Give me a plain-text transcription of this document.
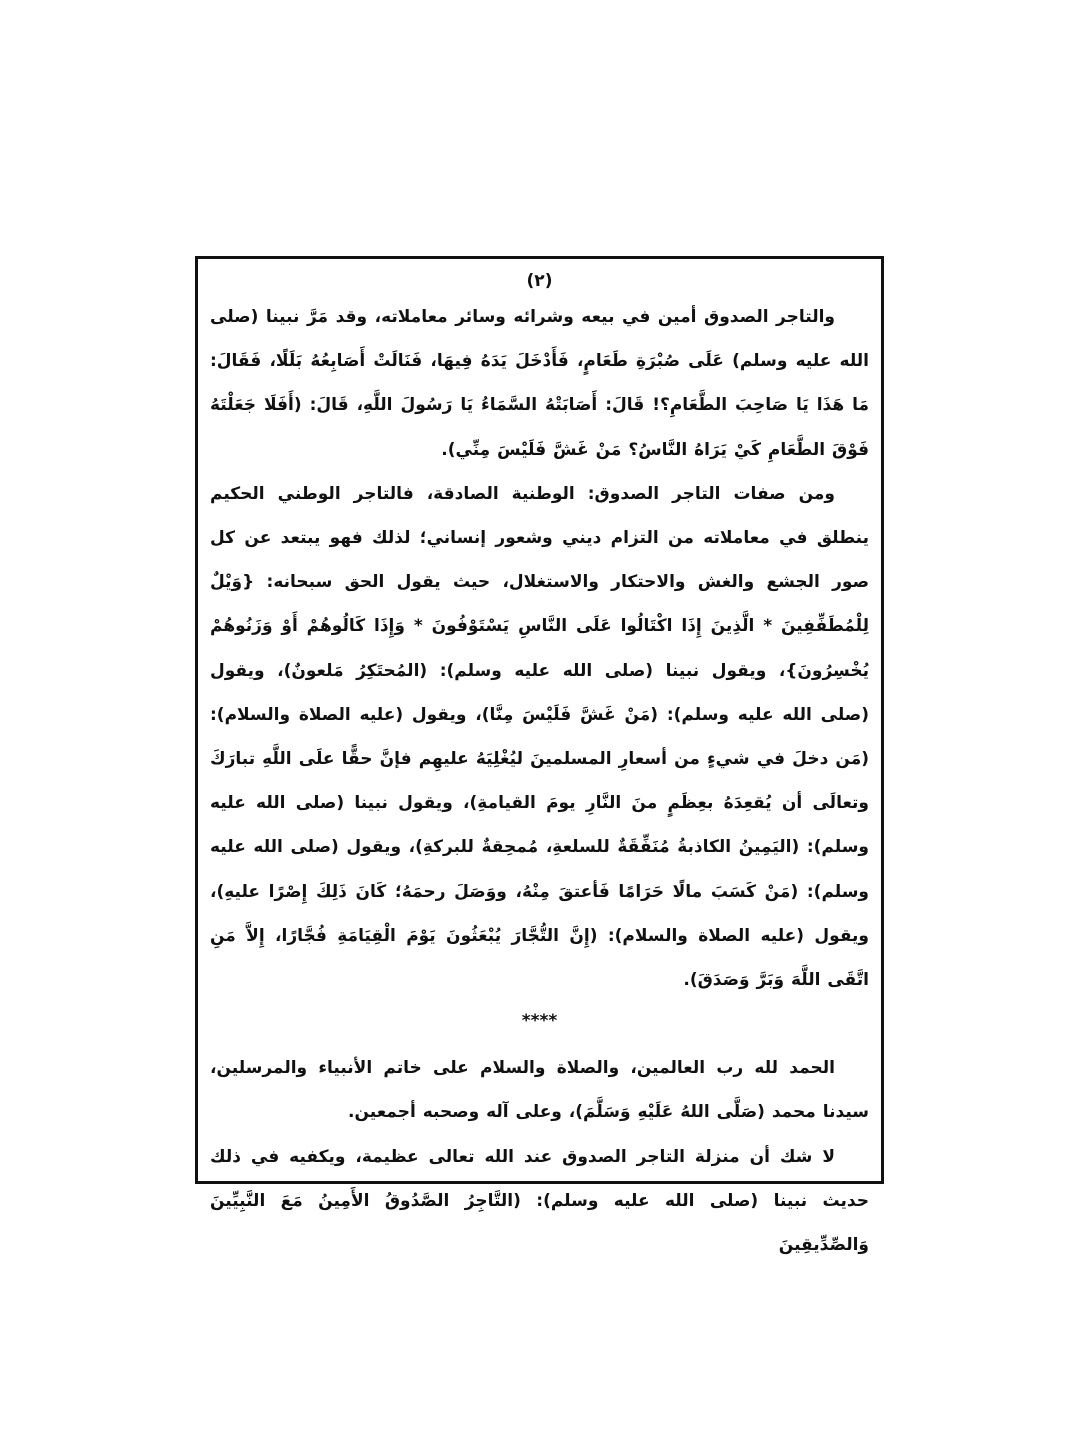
(٢)

والتاجر الصدوق أمين في بيعه وشرائه وسائر معاملاته، وقد مَرَّ نبينا (صلى الله عليه وسلم) عَلَى صُبْرَةِ طَعَامٍ، فَأَدْخَلَ يَدَهُ فِيهَا، فَنَالَتْ أَصَابِعُهُ بَلَلًا، فَقَالَ: مَا هَذَا يَا صَاحِبَ الطَّعَامِ؟! قَالَ: أَصَابَتْهُ السَّمَاءُ يَا رَسُولَ اللَّهِ، قَالَ: (أَفَلَا جَعَلْتَهُ فَوْقَ الطَّعَامِ كَيْ يَرَاهُ النَّاسُ؟ مَنْ غَشَّ فَلَيْسَ مِنِّي).

ومن صفات التاجر الصدوق: الوطنية الصادقة، فالتاجر الوطني الحكيم ينطلق في معاملاته من التزام ديني وشعور إنساني؛ لذلك فهو يبتعد عن كل صور الجشع والغش والاحتكار والاستغلال، حيث يقول الحق سبحانه: {وَيْلٌ لِلْمُطَفِّفِينَ * الَّذِينَ إِذَا اكْتَالُوا عَلَى النَّاسِ يَسْتَوْفُونَ * وَإِذَا كَالُوهُمْ أَوْ وَزَنُوهُمْ يُخْسِرُونَ}، ويقول نبينا (صلى الله عليه وسلم): (المُحتَكِرُ مَلعونٌ)، ويقول (صلى الله عليه وسلم): (مَنْ غَشَّ فَلَيْسَ مِنَّا)، ويقول (عليه الصلاة والسلام): (مَن دخلَ في شيءٍ من أسعارِ المسلمينَ ليُغْلِيَهُ عليهِم فإنَّ حقًّا علَى اللَّهِ تبارَكَ وتعالَى أن يُقعِدَهُ بعِظَمٍ منَ النَّارِ يومَ القيامةِ)، ويقول نبينا (صلى الله عليه وسلم): (اليَمِينُ الكاذبةُ مُنَفِّقَةٌ للسلعةِ، مُمحِقةٌ للبركةِ)، ويقول (صلى الله عليه وسلم): (مَنْ كَسَبَ مالًا حَرَامًا فَأعتقَ مِنْهُ، ووَصَلَ رحمَهُ؛ كَانَ ذَلِكَ إِصْرًا عليهِ)، ويقول (عليه الصلاة والسلام): (إِنَّ التُّجَّارَ يُبْعَثُونَ يَوْمَ الْقِيَامَةِ فُجَّارًا، إِلاَّ مَنِ اتَّقَى اللَّهَ وَبَرَّ وَصَدَقَ).

****

الحمد لله رب العالمين، والصلاة والسلام على خاتم الأنبياء والمرسلين، سيدنا محمد (صَلَّى اللهُ عَلَيْهِ وَسَلَّمَ)، وعلى آله وصحبه أجمعين.

لا شك أن منزلة التاجر الصدوق عند الله تعالى عظيمة، ويكفيه في ذلك حديث نبينا (صلى الله عليه وسلم): (التَّاجِرُ الصَّدُوقُ الأَمِينُ مَعَ النَّبِيِّينَ وَالصِّدِّيقِينَ
